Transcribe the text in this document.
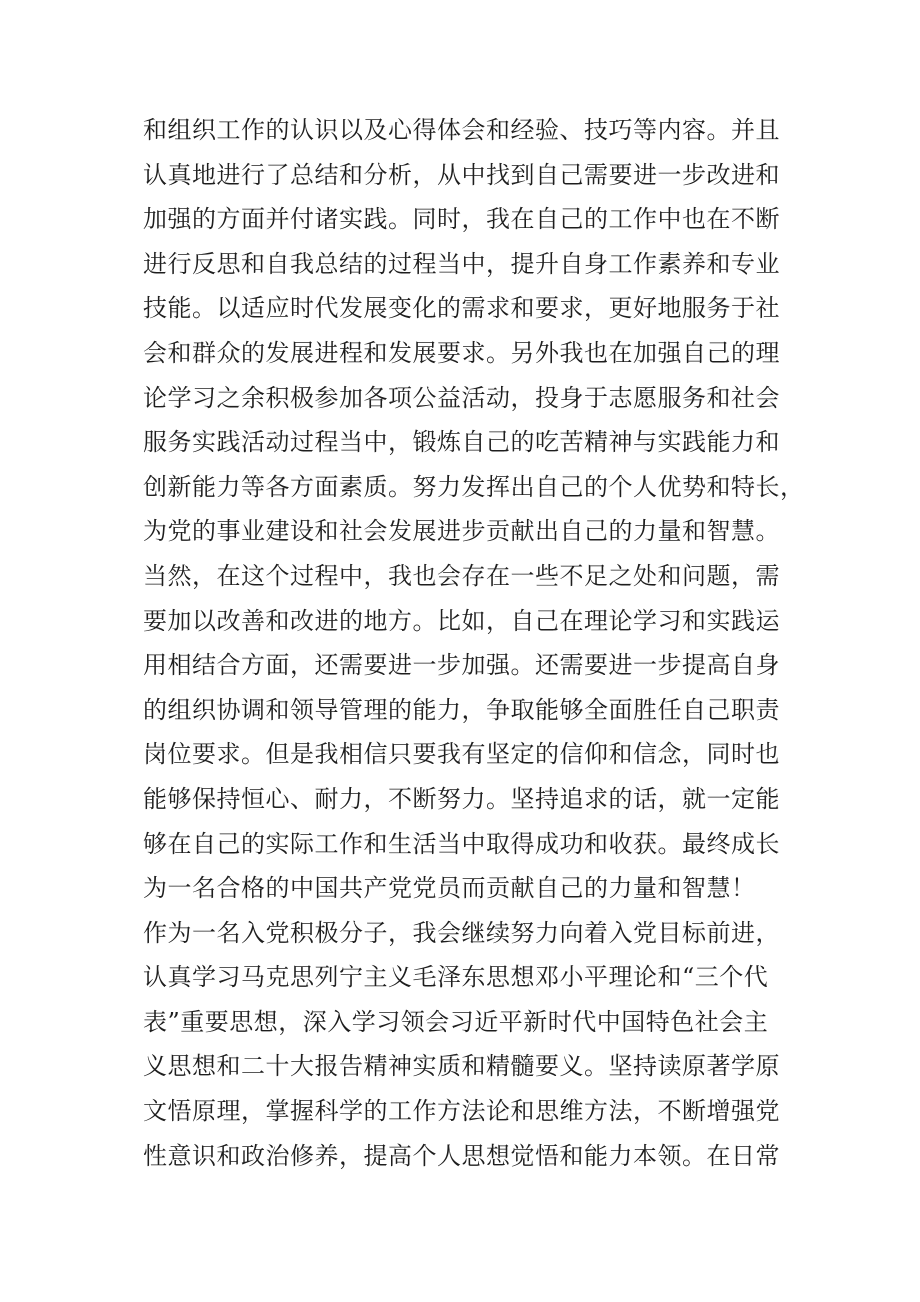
和组织工作的认识以及心得体会和经验、技巧等内容。并且
认真地进行了总结和分析，从中找到自己需要进一步改进和
加强的方面并付诸实践。同时，我在自己的工作中也在不断
进行反思和自我总结的过程当中，提升自身工作素养和专业
技能。以适应时代发展变化的需求和要求，更好地服务于社
会和群众的发展进程和发展要求。另外我也在加强自己的理
论学习之余积极参加各项公益活动，投身于志愿服务和社会
服务实践活动过程当中，锻炼自己的吃苦精神与实践能力和
创新能力等各方面素质。努力发挥出自己的个人优势和特长，
为党的事业建设和社会发展进步贡献出自己的力量和智慧。
当然，在这个过程中，我也会存在一些不足之处和问题，需
要加以改善和改进的地方。比如，自己在理论学习和实践运
用相结合方面，还需要进一步加强。还需要进一步提高自身
的组织协调和领导管理的能力，争取能够全面胜任自己职责
岗位要求。但是我相信只要我有坚定的信仰和信念，同时也
能够保持恒心、耐力，不断努力。坚持追求的话，就一定能
够在自己的实际工作和生活当中取得成功和收获。最终成长
为一名合格的中国共产党党员而贡献自己的力量和智慧！
作为一名入党积极分子，我会继续努力向着入党目标前进，
认真学习马克思列宁主义毛泽东思想邓小平理论和“三个代
表”重要思想，深入学习领会习近平新时代中国特色社会主
义思想和二十大报告精神实质和精髓要义。坚持读原著学原
文悟原理，掌握科学的工作方法论和思维方法，不断增强党
性意识和政治修养，提高个人思想觉悟和能力本领。在日常
